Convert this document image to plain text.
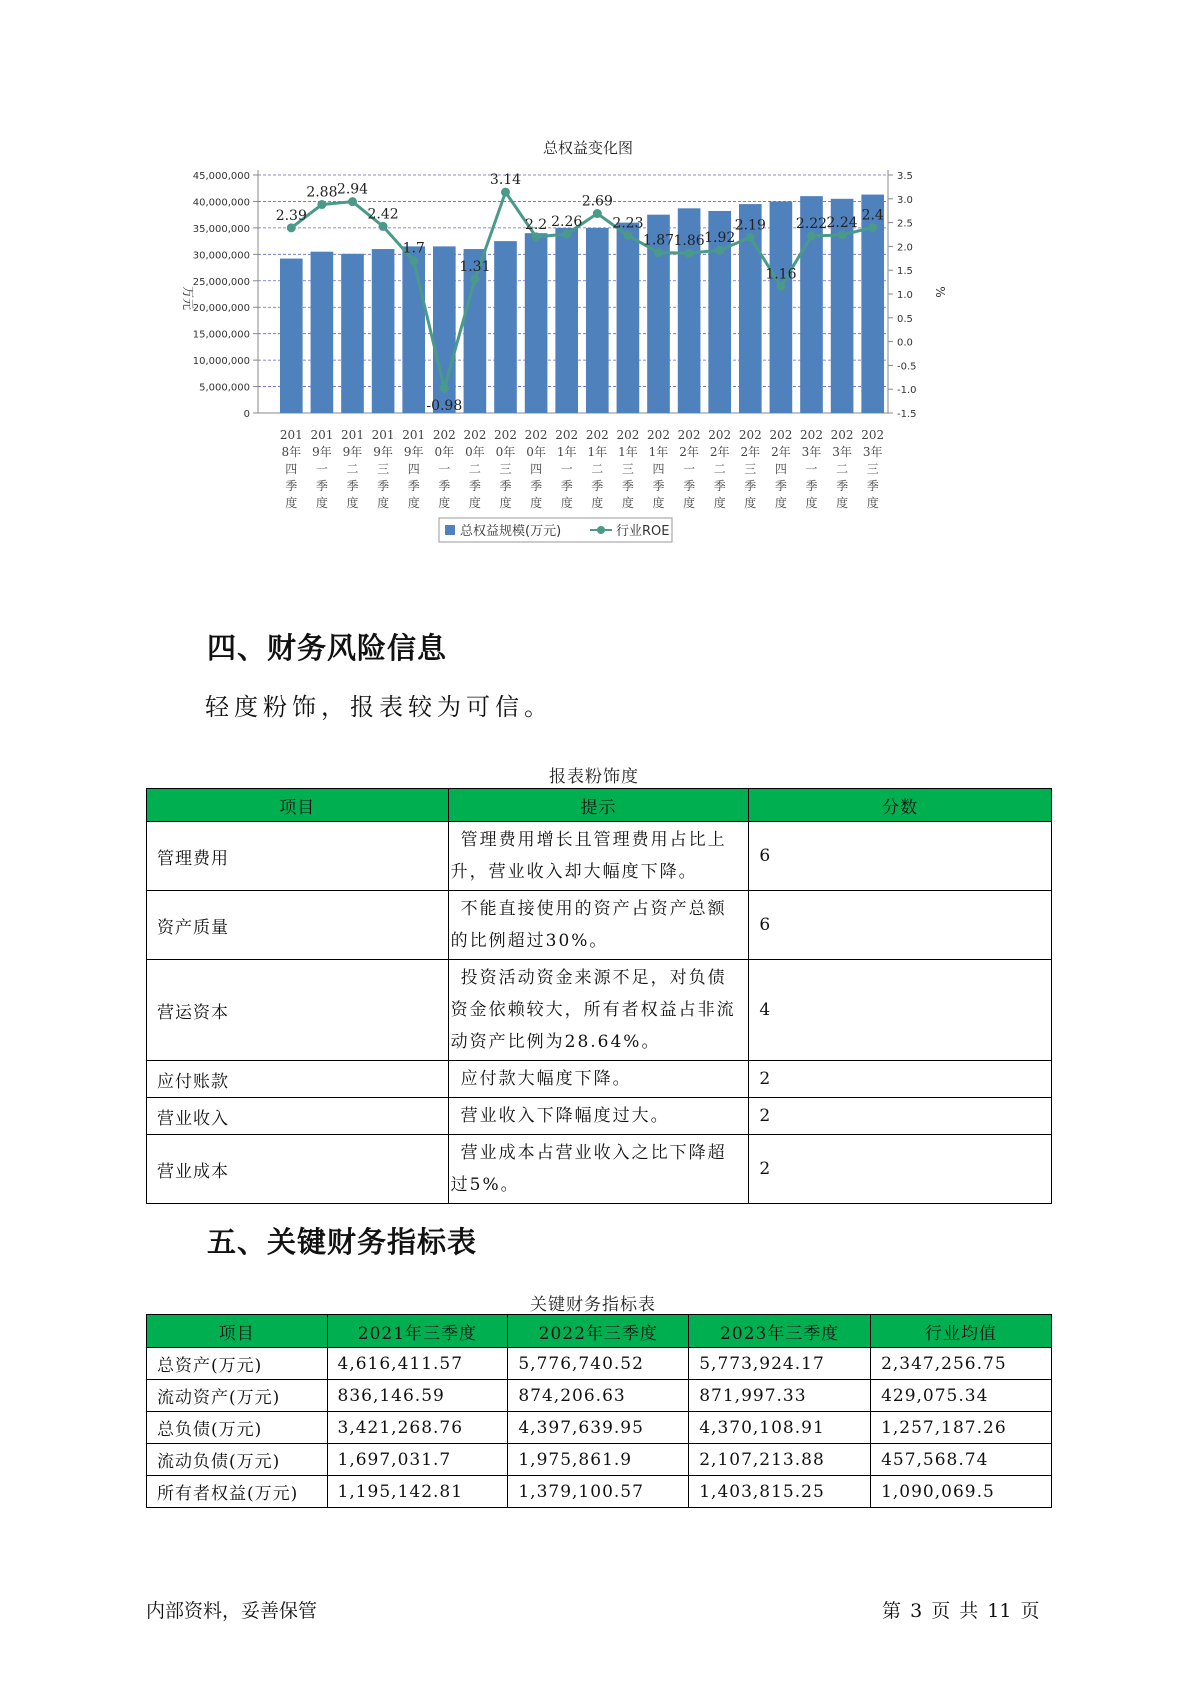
总权益变化图
0
5,000,000
10,000,000
15,000,000
20,000,000
25,000,000
30,000,000
35,000,000
40,000,000
45,000,000
-1.5
-1.0
-0.5
0.0
0.5
1.0
1.5
2.0
2.5
3.0
3.5
万元	%
201
8年
四
季
度
201
9年
一
季
度
201
9年
二
季
度
201
9年
三
季
度
201
9年
四
季
度
202
0年
一
季
度
202
0年
二
季
度
202
0年
三
季
度
202
0年
四
季
度
202
1年
一
季
度
202
1年
二
季
度
202
1年
三
季
度
202
1年
四
季
度
202
2年
一
季
度
202
2年
二
季
度
202
2年
三
季
度
202
2年
四
季
度
202
3年
一
季
度
202
3年
二
季
度
202
3年
三
季
度
2.39
2.88 2.94
2.42
1.7
-0.98
1.31
3.14
2.2 2.26
2.69
2.23
1.87 1.86 1.92
2.19
1.16
2.22 2.24 2.4
总权益规模(万元)	行业ROE
四、财务风险信息
轻度粉饰，报表较为可信。
报表粉饰度
项目	提示	分数
管理费用	管理费用增长且管理费用占比上
升，营业收入却大幅度下降。	6
资产质量	不能直接使用的资产占资产总额
的比例超过30%。	6
营运资本	投资活动资金来源不足，对负债
资金依赖较大，所有者权益占非流
动资产比例为28.64%。	4
应付账款	应付款大幅度下降。	2
营业收入	营业收入下降幅度过大。	2
营业成本	营业成本占营业收入之比下降超
过5%。	2
五、关键财务指标表
关键财务指标表
项目	2021年三季度	2022年三季度	2023年三季度	行业均值
总资产(万元)	4,616,411.57	5,776,740.52	5,773,924.17	2,347,256.75
流动资产(万元)	836,146.59	874,206.63	871,997.33	429,075.34
总负债(万元)	3,421,268.76	4,397,639.95	4,370,108.91	1,257,187.26
流动负债(万元)	1,697,031.7	1,975,861.9	2,107,213.88	457,568.74
所有者权益(万元)	1,195,142.81	1,379,100.57	1,403,815.25	1,090,069.5
内部资料，妥善保管	第 3 页 共 11 页
